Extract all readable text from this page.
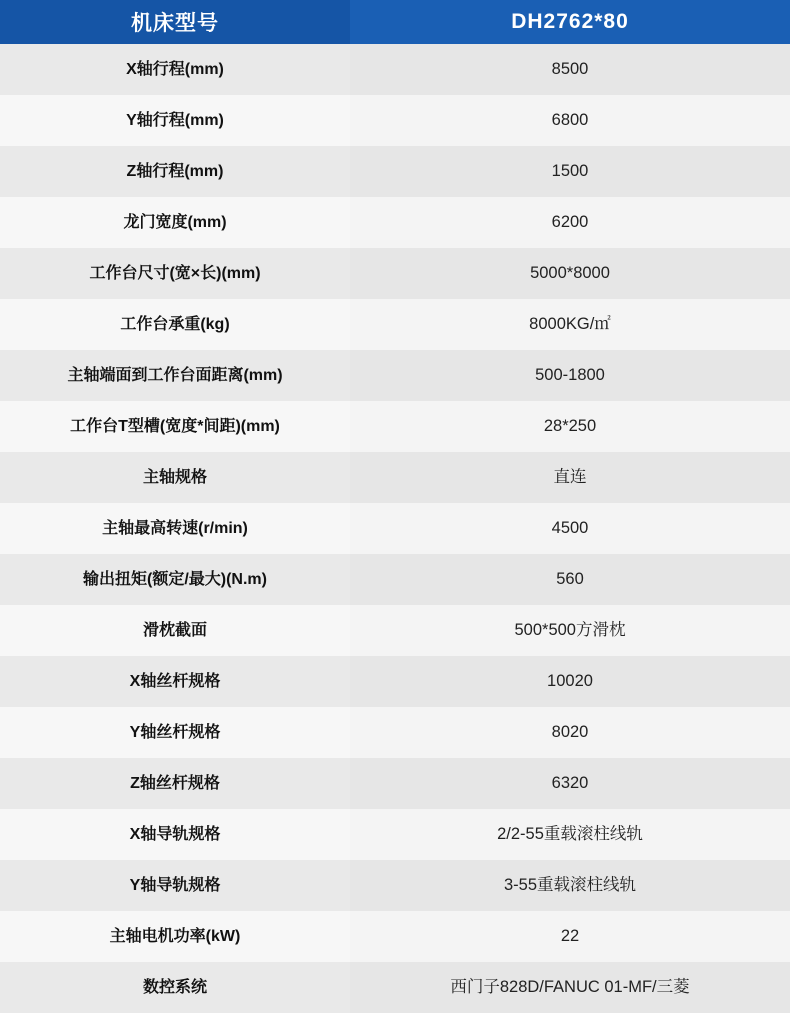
机床型号	DH2762*80
X轴行程(mm)	8500
Y轴行程(mm)	6800
Z轴行程(mm)	1500
龙门宽度(mm)	6200
工作台尺寸(宽×长)(mm)	5000*8000
工作台承重(kg)	8000KG/㎡
主轴端面到工作台面距离(mm)	500-1800
工作台T型槽(宽度*间距)(mm)	28*250
主轴规格	直连
主轴最高转速(r/min)	4500
输出扭矩(额定/最大)(N.m)	560
滑枕截面	500*500方滑枕
X轴丝杆规格	10020
Y轴丝杆规格	8020
Z轴丝杆规格	6320
X轴导轨规格	2/2-55重载滚柱线轨
Y轴导轨规格	3-55重载滚柱线轨
主轴电机功率(kW)	22
数控系统	西门子828D/FANUC 01-MF/三菱
